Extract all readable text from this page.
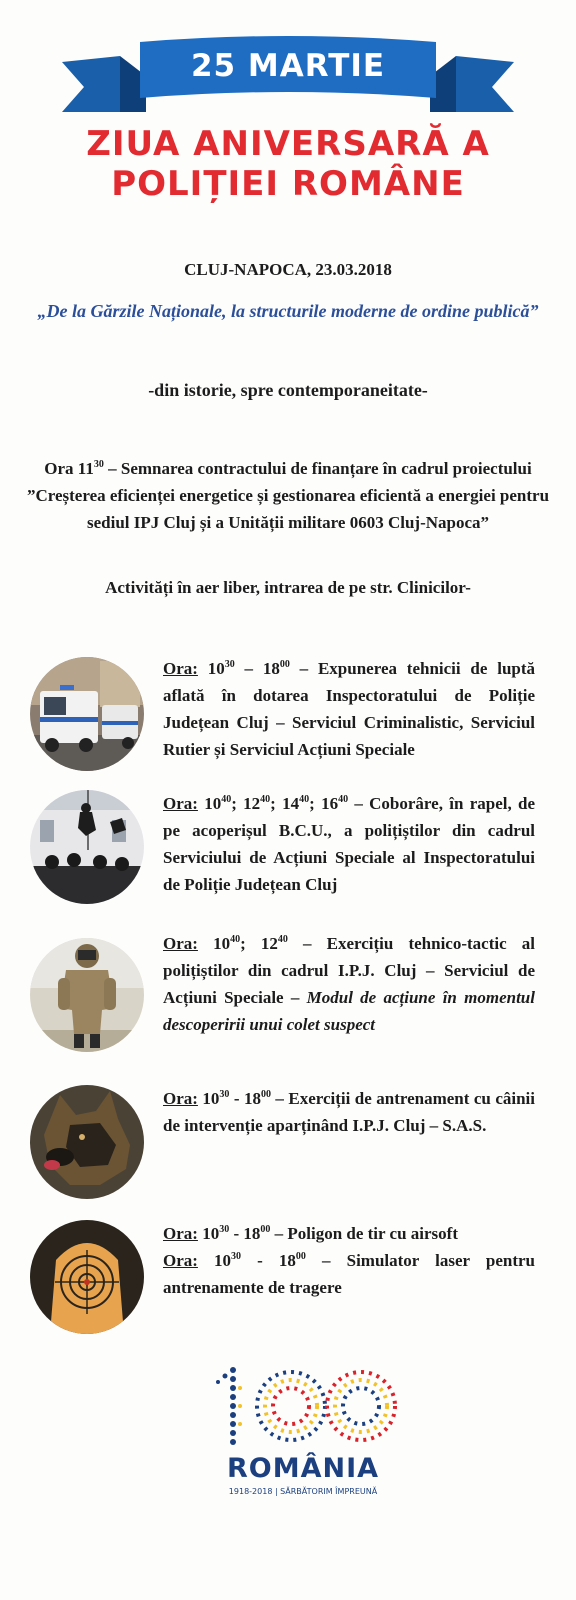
25 MARTIE
ZIUA ANIVERSARĂ A
POLIȚIEI ROMÂNE
CLUJ-NAPOCA, 23.03.2018
„De la Gărzile Naționale, la structurile moderne de ordine publică”
-din istorie, spre contemporaneitate-
Ora $11^{30}$ – Semnarea contractului de finanțare în cadrul proiectului ”Creșterea eficienței energetice și gestionarea eficientă a energiei pentru sediul IPJ Cluj și a Unității militare 0603 Cluj-Napoca”
Activități în aer liber, intrarea de pe str. Clinicilor-
Ora: $10^{30} - 18^{00}$ – Expunerea tehnicii de luptă aflată în dotarea Inspectoratului de Poliție Județean Cluj – Serviciul Criminalistic, Serviciul Rutier și Serviciul Acțiuni Speciale
Ora: $10^{40}$; $12^{40}$; $14^{40}$; $16^{40}$ – Coborâre, în rapel, de pe acoperișul B.C.U., a polițiștilor din cadrul Serviciului de Acțiuni Speciale al Inspectoratului de Poliție Județean Cluj
Ora: $10^{40}$; $12^{40}$ – Exercițiu tehnico-tactic al polițiștilor din cadrul I.P.J. Cluj – Serviciul de Acțiuni Speciale – Modul de acțiune în momentul descoperirii unui colet suspect
Ora: $10^{30} - 18^{00}$ – Exerciții de antrenament cu câinii de intervenție aparținând I.P.J. Cluj – S.A.S.
Ora: $10^{30} - 18^{00}$ – Poligon de tir cu airsoft
Ora: $10^{30} - 18^{00}$ – Simulator laser pentru antrenamente de tragere
ROMÂNIA
1918-2018 | SĂRBĂTORIM ÎMPREUNĂ
